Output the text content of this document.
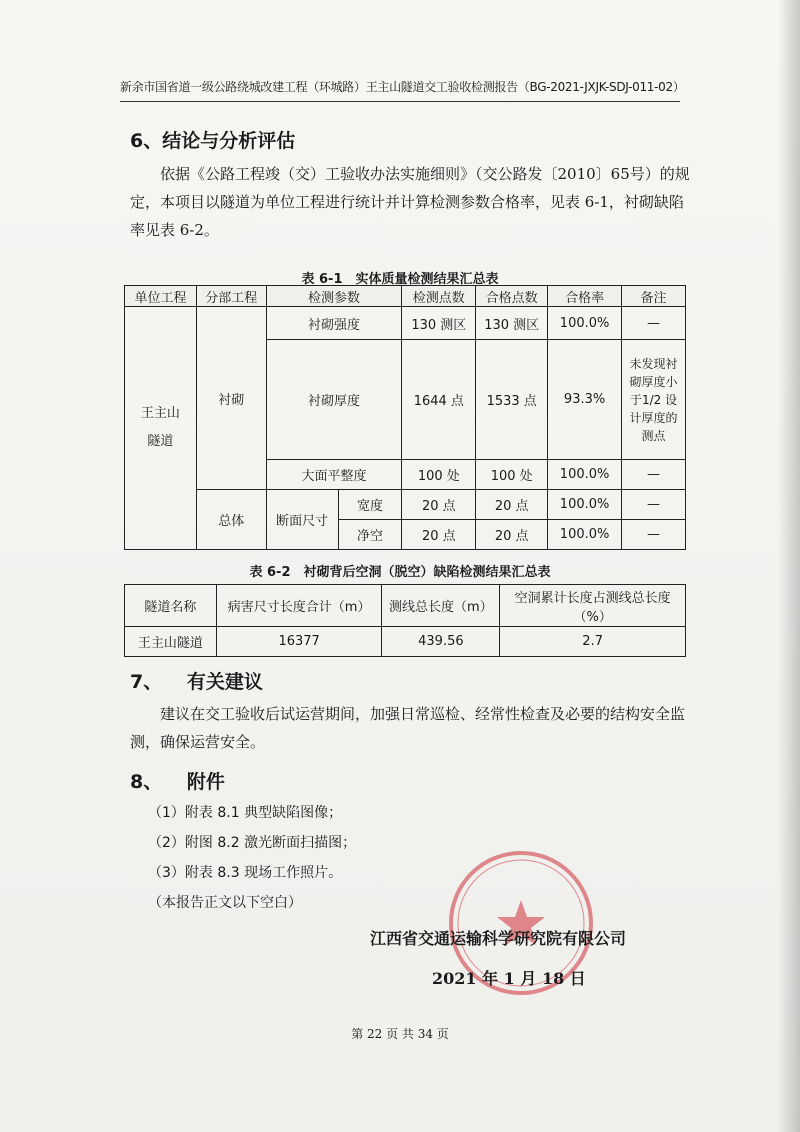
新余市国省道一级公路绕城改建工程（环城路）王主山隧道交工验收检测报告（BG-2021-JXJK-SDJ-011-02）
6、结论与分析评估
依据《公路工程竣（交）工验收办法实施细则》（交公路发〔2010〕65号）的规定，本项目以隧道为单位工程进行统计并计算检测参数合格率，见表 6-1，衬砌缺陷率见表 6-2。
表 6-1　实体质量检测结果汇总表
单位工程	分部工程	检测参数		检测点数	合格点数	合格率	备注
王主山隧道	衬砌	衬砌强度		130 测区	130 测区	100.0%	—
		衬砌厚度		1644 点	1533 点	93.3%	未发现衬砌厚度小于1/2 设计厚度的测点
		大面平整度		100 处	100 处	100.0%	—
	总体	断面尺寸	宽度	20 点	20 点	100.0%	—
			净空	20 点	20 点	100.0%	—
表 6-2　衬砌背后空洞（脱空）缺陷检测结果汇总表
隧道名称	病害尺寸长度合计（m）	测线总长度（m）	空洞累计长度占测线总长度（%）
王主山隧道	16377	439.56	2.7
7、 有关建议
建议在交工验收后试运营期间，加强日常巡检、经常性检查及必要的结构安全监测，确保运营安全。
8、 附件
（1）附表 8.1 典型缺陷图像；
（2）附图 8.2 激光断面扫描图；
（3）附表 8.3 现场工作照片。
（本报告正文以下空白）
江西省交通运输科学研究院有限公司
2021 年 1 月 18 日
第 22 页 共 34 页
